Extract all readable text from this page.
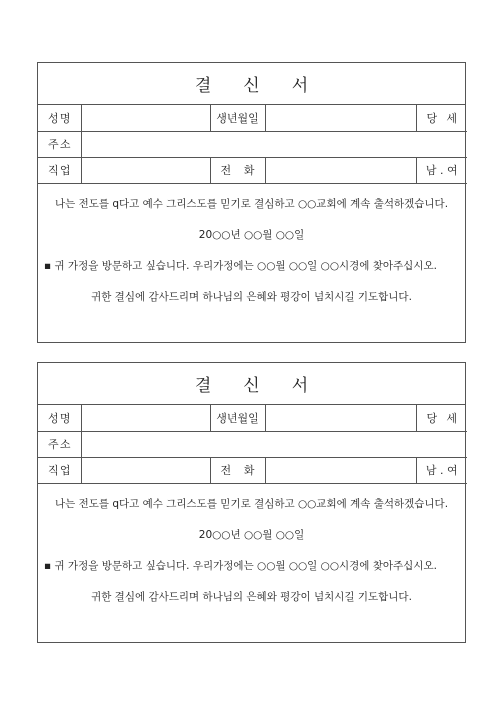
결 신 서
성 명		생년월일		당 세

주 소				

직 업		전 화		남 . 여

나는 전도를 q다고 예수 그리스도를 믿기로 결심하고 ○○교회에 계속 출석하겠습니다.

20○○년 ○○월 ○○일

▪ 귀 가정을 방문하고 싶습니다. 우리가정에는 ○○월 ○○일 ○○시경에 찾아주십시오.

귀한 결심에 감사드리며 하나님의 은혜와 평강이 넘치시길 기도합니다.

결 신 서
성 명		생년월일		당 세

주 소				

직 업		전 화		남 . 여

나는 전도를 q다고 예수 그리스도를 믿기로 결심하고 ○○교회에 계속 출석하겠습니다.

20○○년 ○○월 ○○일

▪ 귀 가정을 방문하고 싶습니다. 우리가정에는 ○○월 ○○일 ○○시경에 찾아주십시오.

귀한 결심에 감사드리며 하나님의 은혜와 평강이 넘치시길 기도합니다.
